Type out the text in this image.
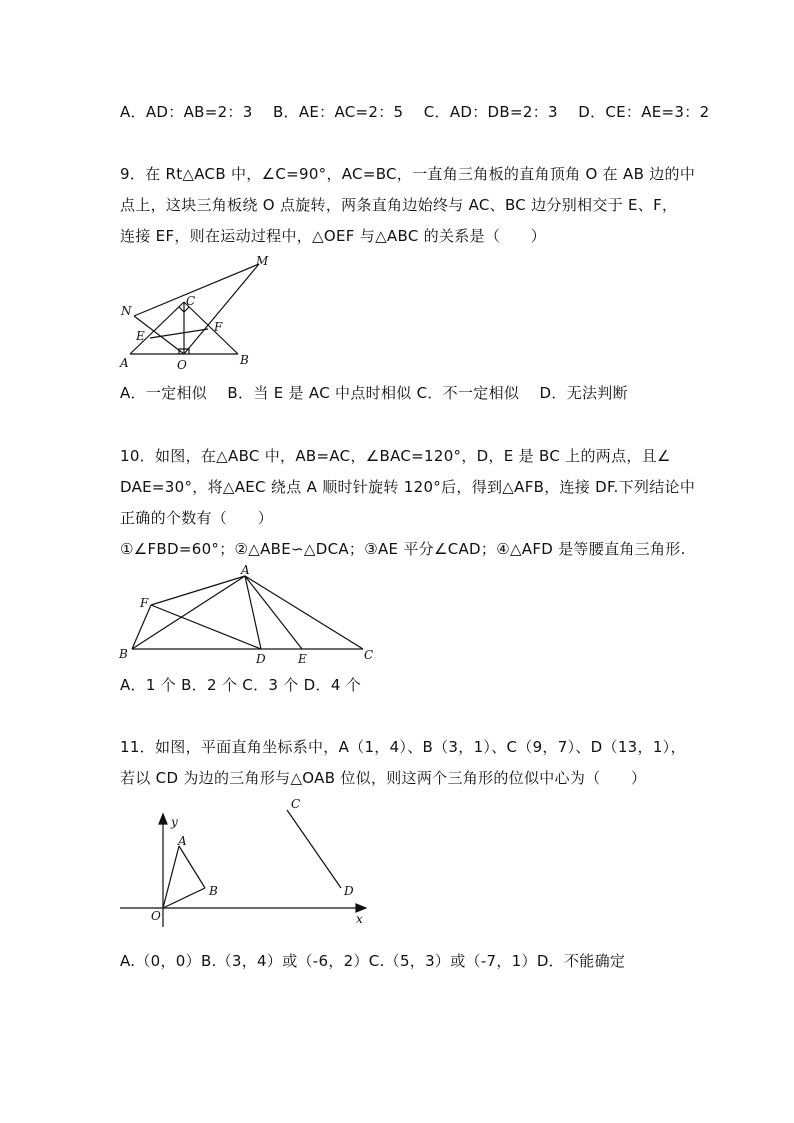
A．AD：AB=2：3　 B．AE：AC=2：5　 C．AD：DB=2：3　 D．CE：AE=3：2
9．在 Rt△ACB 中，∠C=90°，AC=BC，一直角三角板的直角顶角 O 在 AB 边的中
点上，这块三角板绕 O 点旋转，两条直角边始终与 AC、BC 边分别相交于 E、F，
连接 EF，则在运动过程中，△OEF 与△ABC 的关系是（　　）
M
N
C
E
F
A	O	B
A．一定相似　 B．当 E 是 AC 中点时相似 C．不一定相似　 D．无法判断
10．如图，在△ABC 中，AB=AC，∠BAC=120°，D，E 是 BC 上的两点，且∠
DAE=30°，将△AEC 绕点 A 顺时针旋转 120°后，得到△AFB，连接 DF.下列结论中
正确的个数有（　　）
①∠FBD=60°；②△ABE∽△DCA；③AE 平分∠CAD；④△AFD 是等腰直角三角形.
A
F
B	D	E	C
A．1 个 B．2 个 C．3 个 D．4 个
11．如图，平面直角坐标系中，A（1，4）、B（3，1）、C（9，7）、D（13，1），
若以 CD 为边的三角形与△OAB 位似，则这两个三角形的位似中心为（　　）
y
x
O
A
B
C
D
A.（0，0）B.（3，4）或（-6，2）C.（5，3）或（-7，1）D．不能确定
